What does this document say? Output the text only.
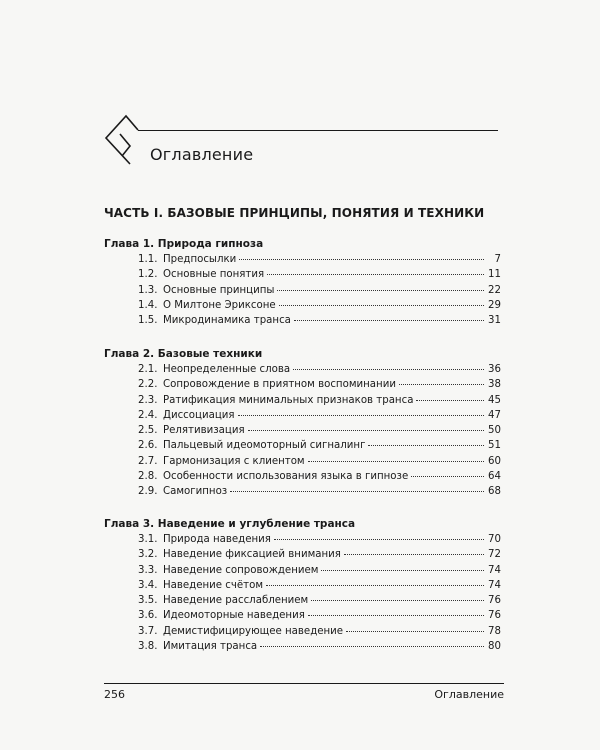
Оглавление
ЧАСТЬ I. БАЗОВЫЕ ПРИНЦИПЫ, ПОНЯТИЯ И ТЕХНИКИ
Глава 1. Природа гипноза
1.1. Предпосылки	7
1.2. Основные понятия	11
1.3. Основные принципы	22
1.4. О Милтоне Эриксоне	29
1.5. Микродинамика транса	31
Глава 2. Базовые техники
2.1. Неопределенные слова	36
2.2. Сопровождение в приятном воспоминании	38
2.3. Ратификация минимальных признаков транса	45
2.4. Диссоциация	47
2.5. Релятивизация	50
2.6. Пальцевый идеомоторный сигналинг	51
2.7. Гармонизация с клиентом	60
2.8. Особенности использования языка в гипнозе	64
2.9. Самогипноз	68
Глава 3. Наведение и углубление транса
3.1. Природа наведения	70
3.2. Наведение фиксацией внимания	72
3.3. Наведение сопровождением	74
3.4. Наведение счётом	74
3.5. Наведение расслаблением	76
3.6. Идеомоторные наведения	76
3.7. Демистифицирующее наведение	78
3.8. Имитация транса	80
256	Оглавление
